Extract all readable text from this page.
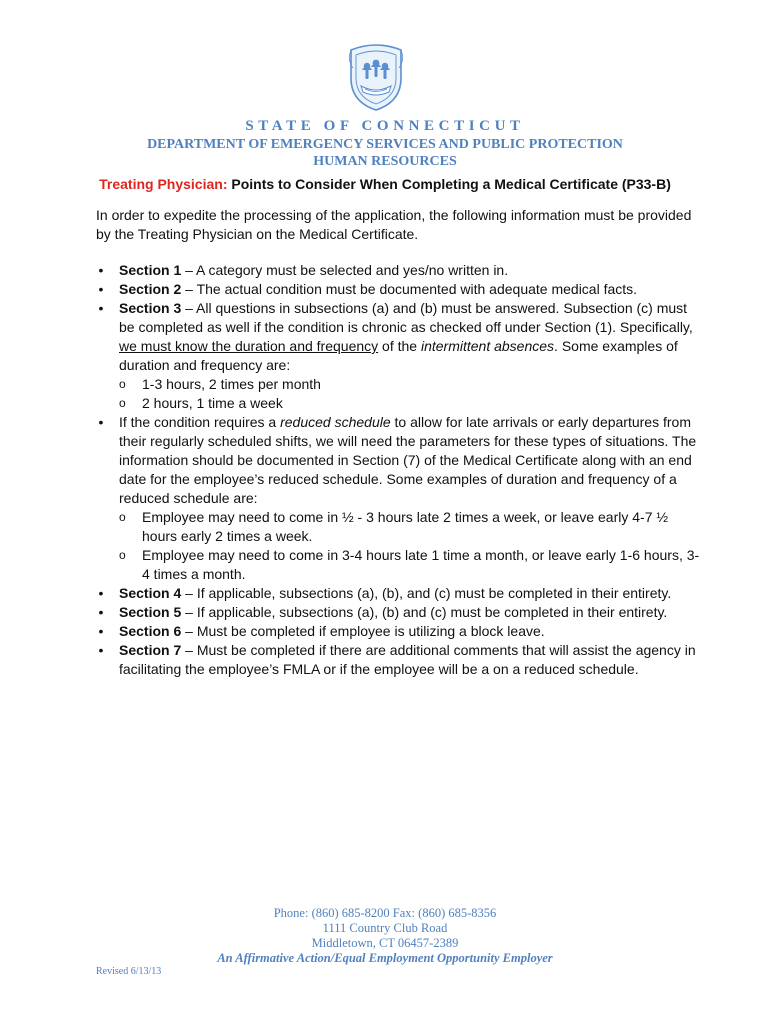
STATE OF CONNECTICUT
DEPARTMENT OF EMERGENCY SERVICES AND PUBLIC PROTECTION
HUMAN RESOURCES
Treating Physician: Points to Consider When Completing a Medical Certificate (P33-B)
In order to expedite the processing of the application, the following information must be provided by the Treating Physician on the Medical Certificate.
• Section 1 – A category must be selected and yes/no written in.
• Section 2 – The actual condition must be documented with adequate medical facts.
• Section 3 – All questions in subsections (a) and (b) must be answered. Subsection (c) must be completed as well if the condition is chronic as checked off under Section (1). Specifically, we must know the duration and frequency of the intermittent absences. Some examples of duration and frequency are:
o 1-3 hours, 2 times per month
o 2 hours, 1 time a week
• If the condition requires a reduced schedule to allow for late arrivals or early departures from their regularly scheduled shifts, we will need the parameters for these types of situations. The information should be documented in Section (7) of the Medical Certificate along with an end date for the employee’s reduced schedule. Some examples of duration and frequency of a reduced schedule are:
o Employee may need to come in ½ - 3 hours late 2 times a week, or leave early 4-7 ½ hours early 2 times a week.
o Employee may need to come in 3-4 hours late 1 time a month, or leave early 1-6 hours, 3-4 times a month.
• Section 4 – If applicable, subsections (a), (b), and (c) must be completed in their entirety.
• Section 5 – If applicable, subsections (a), (b) and (c) must be completed in their entirety.
• Section 6 – Must be completed if employee is utilizing a block leave.
• Section 7 – Must be completed if there are additional comments that will assist the agency in facilitating the employee’s FMLA or if the employee will be a on a reduced schedule.
Phone: (860) 685-8200 Fax: (860) 685-8356
1111 Country Club Road
Middletown, CT 06457-2389
An Affirmative Action/Equal Employment Opportunity Employer
Revised 6/13/13
